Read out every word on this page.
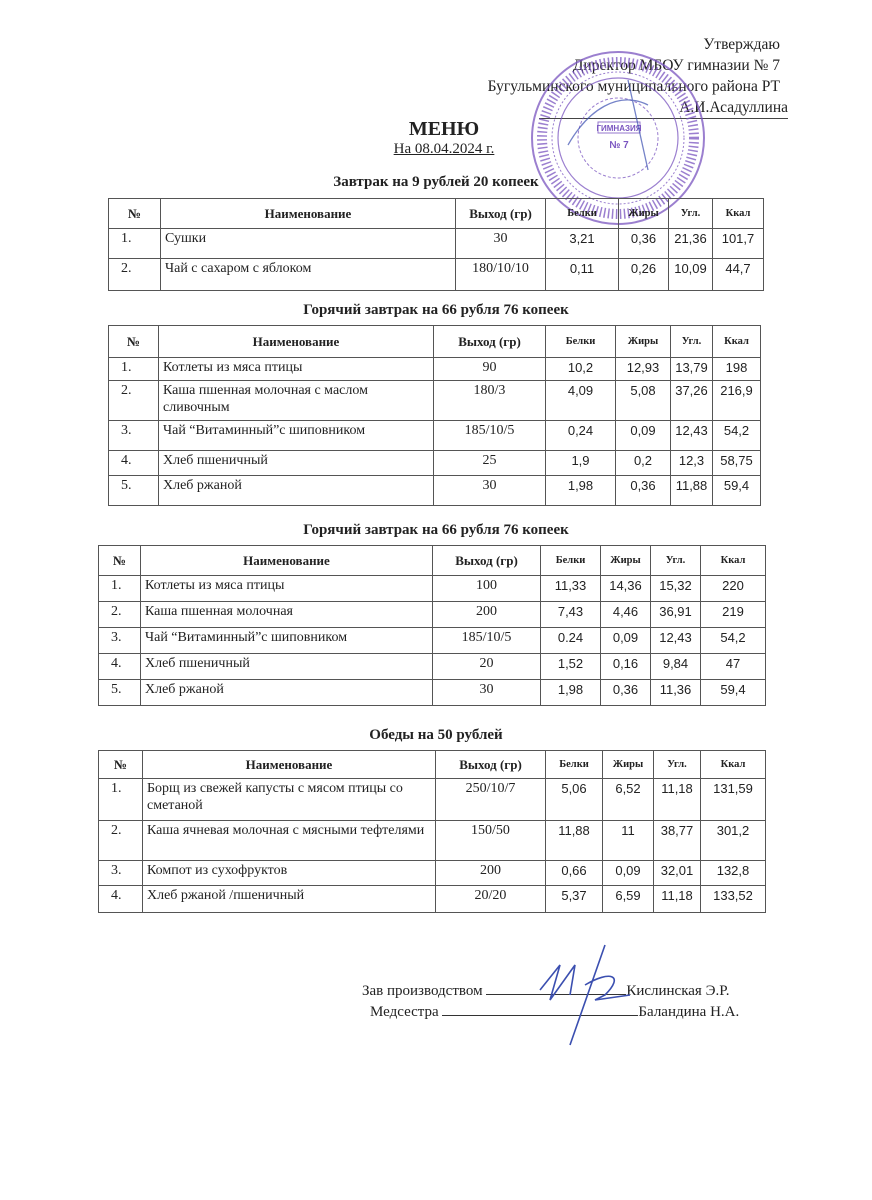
Утверждаю
Директор МБОУ гимназии № 7
Бугульминского муниципального района РТ
А.И.Асадуллина
ГИМНАЗИЯ
№ 7
МЕНЮ
На 08.04.2024 г.
Завтрак на 9 рублей 20 копеек
№	Наименование	Выход (гр)	Белки	Жиры	Угл.	Ккал
1.	Сушки	30	3,21	0,36	21,36	101,7
2.	Чай с сахаром с яблоком	180/10/10	0,11	0,26	10,09	44,7
Горячий завтрак на 66 рубля 76 копеек
№	Наименование	Выход (гр)	Белки	Жиры	Угл.	Ккал
1.	Котлеты из мяса птицы	90	10,2	12,93	13,79	198
2.	Каша пшенная молочная с маслом сливочным	180/3	4,09	5,08	37,26	216,9
3.	Чай “Витаминный”с шиповником	185/10/5	0,24	0,09	12,43	54,2
4.	Хлеб пшеничный	25	1,9	0,2	12,3	58,75
5.	Хлеб ржаной	30	1,98	0,36	11,88	59,4
Горячий завтрак на 66 рубля 76 копеек
№	Наименование	Выход (гр)	Белки	Жиры	Угл.	Ккал
1.	Котлеты из мяса птицы	100	11,33	14,36	15,32	220
2.	Каша пшенная молочная	200	7,43	4,46	36,91	219
3.	Чай “Витаминный”с шиповником	185/10/5	0.24	0,09	12,43	54,2
4.	Хлеб пшеничный	20	1,52	0,16	9,84	47
5.	Хлеб ржаной	30	1,98	0,36	11,36	59,4
Обеды на 50 рублей
№	Наименование	Выход (гр)	Белки	Жиры	Угл.	Ккал
1.	Борщ из свежей капусты с мясом птицы со сметаной	250/10/7	5,06	6,52	11,18	131,59
2.	Каша ячневая молочная с мясными тефтелями	150/50	11,88	11	38,77	301,2
3.	Компот из сухофруктов	200	0,66	0,09	32,01	132,8
4.	Хлеб ржаной /пшеничный	20/20	5,37	6,59	11,18	133,52
Зав производством	Кислинская Э.Р.
Медсестра	Баландина Н.А.
